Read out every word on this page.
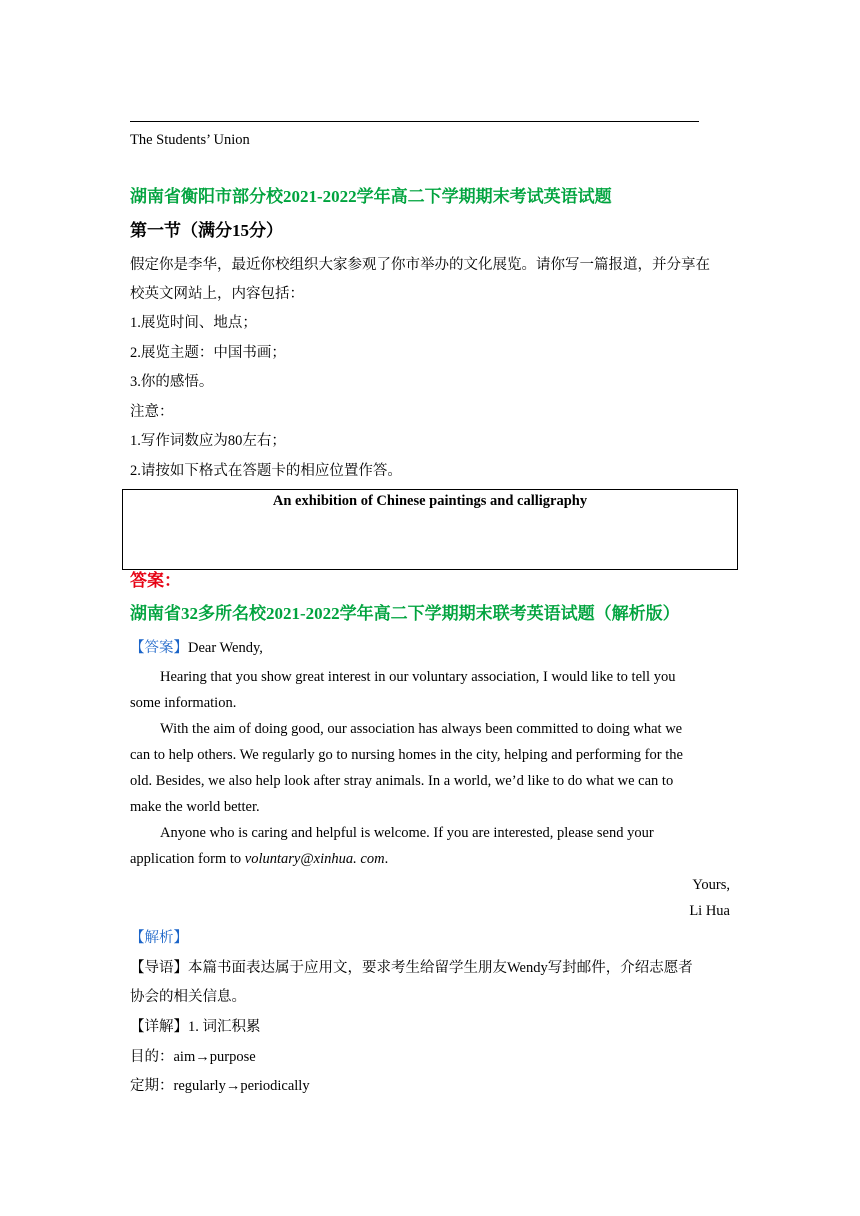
The Students’ Union
湖南省衡阳市部分校2021-2022学年高二下学期期末考试英语试题
第一节（满分15分）
假定你是李华，最近你校组织大家参观了你市举办的文化展览。请你写一篇报道，并分享在
校英文网站上，内容包括：
1.展览时间、地点；
2.展览主题：中国书画；
3.你的感悟。
注意：
1.写作词数应为80左右；
2.请按如下格式在答题卡的相应位置作答。
An exhibition of Chinese paintings and calligraphy
答案：
湖南省32多所名校2021-2022学年高二下学期期末联考英语试题（解析版）
【答案】Dear Wendy,
Hearing that you show great interest in our voluntary association, I would like to tell you
some information.
With the aim of doing good, our association has always been committed to doing what we
can to help others. We regularly go to nursing homes in the city, helping and performing for the
old. Besides, we also help look after stray animals. In a world, we’d like to do what we can to
make the world better.
Anyone who is caring and helpful is welcome. If you are interested, please send your
application form to voluntary@xinhua. com.
Yours,
Li Hua
【解析】
【导语】本篇书面表达属于应用文，要求考生给留学生朋友Wendy写封邮件，介绍志愿者
协会的相关信息。
【详解】1. 词汇积累
目的：aim→purpose
定期：regularly→periodically
